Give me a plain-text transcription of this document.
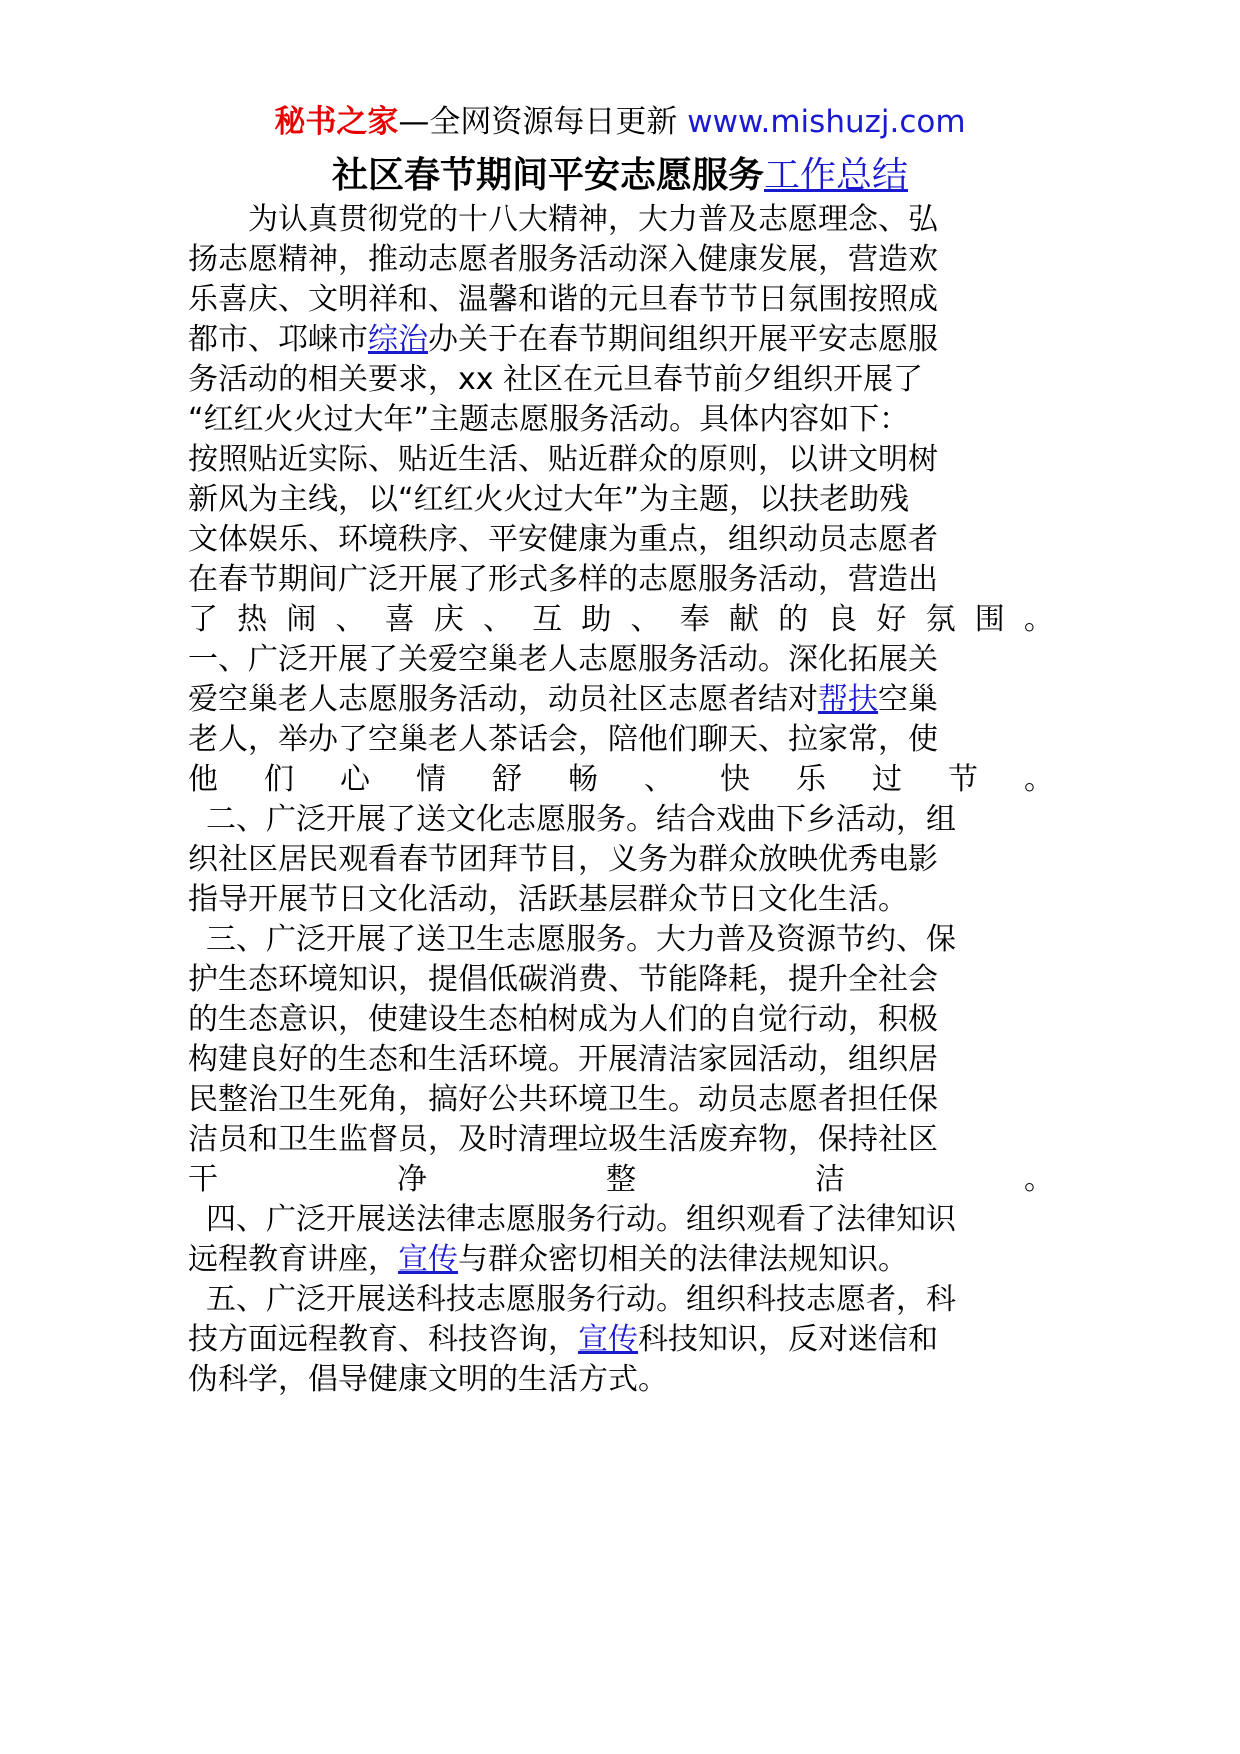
秘书之家—全网资源每日更新 www.mishuzj.com
社区春节期间平安志愿服务工作总结
为认真贯彻党的十八大精神，大力普及志愿理念、弘
扬志愿精神，推动志愿者服务活动深入健康发展，营造欢
乐喜庆、文明祥和、温馨和谐的元旦春节节日氛围按照成
都市、邛崃市综治办关于在春节期间组织开展平安志愿服
务活动的相关要求，xx 社区在元旦春节前夕组织开展了
“红红火火过大年”主题志愿服务活动。具体内容如下：
按照贴近实际、贴近生活、贴近群众的原则，以讲文明树
新风为主线，以“红红火火过大年”为主题，以扶老助残
文体娱乐、环境秩序、平安健康为重点，组织动员志愿者
在春节期间广泛开展了形式多样的志愿服务活动，营造出
了 热 闹 、 喜 庆 、 互 助 、 奉 献 的 良 好 氛 围 。
一、广泛开展了关爱空巢老人志愿服务活动。深化拓展关
爱空巢老人志愿服务活动，动员社区志愿者结对帮扶空巢
老人，举办了空巢老人茶话会，陪他们聊天、拉家常，使
他 们 心 情 舒 畅 、 快 乐 过 节 。
二、广泛开展了送文化志愿服务。结合戏曲下乡活动，组
织社区居民观看春节团拜节目，义务为群众放映优秀电影
指导开展节日文化活动，活跃基层群众节日文化生活。
三、广泛开展了送卫生志愿服务。大力普及资源节约、保
护生态环境知识，提倡低碳消费、节能降耗，提升全社会
的生态意识，使建设生态柏树成为人们的自觉行动，积极
构建良好的生态和生活环境。开展清洁家园活动，组织居
民整治卫生死角，搞好公共环境卫生。动员志愿者担任保
洁员和卫生监督员，及时清理垃圾生活废弃物，保持社区
干	净	整	洁	。
四、广泛开展送法律志愿服务行动。组织观看了法律知识
远程教育讲座，宣传与群众密切相关的法律法规知识。
五、广泛开展送科技志愿服务行动。组织科技志愿者，科
技方面远程教育、科技咨询，宣传科技知识，反对迷信和
伪科学，倡导健康文明的生活方式。
